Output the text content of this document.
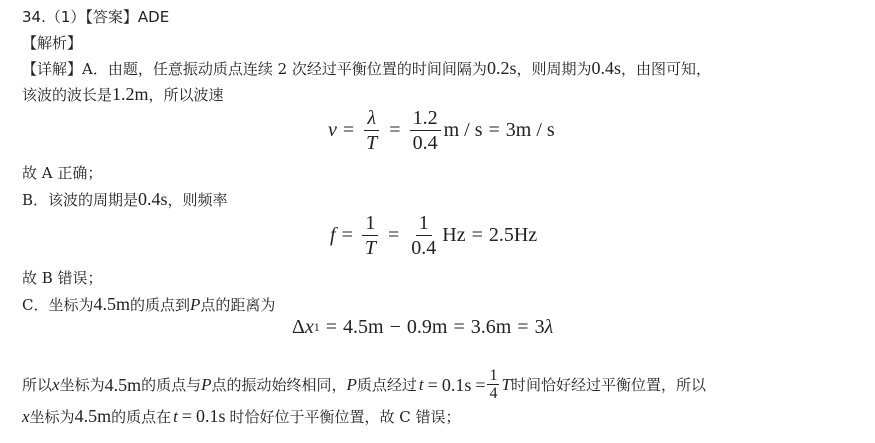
34.（1）【答案】ADE
【解析】
【详解】A．由题，任意振动质点连续 2 次经过平衡位置的时间间隔为0.2s，则周期为0.4s，由图可知，
该波的波长是1.2m，所以波速
$v = \frac{\lambda}{T} = \frac{1.2}{0.4}$ m / s = 3m / s
故 A 正确；
B．该波的周期是0.4s，则频率
$f = \frac{1}{T} = \frac{1}{0.4}$ Hz = 2.5Hz
故 B 错误；
C．坐标为4.5m的质点到P点的距离为
Δ x 1 = 4.5m − 0.9m = 3.6m = 3 λ
所以 x 坐标为 4.5m 的质点与 P 点的振动始终相同， P 质点经过 $t = 0.1s = \frac{1}{4}$ T 时间恰好经过平衡位置，所以
x坐标为4.5m的质点在 t = 0.1s 时恰好位于平衡位置，故 C 错误；
